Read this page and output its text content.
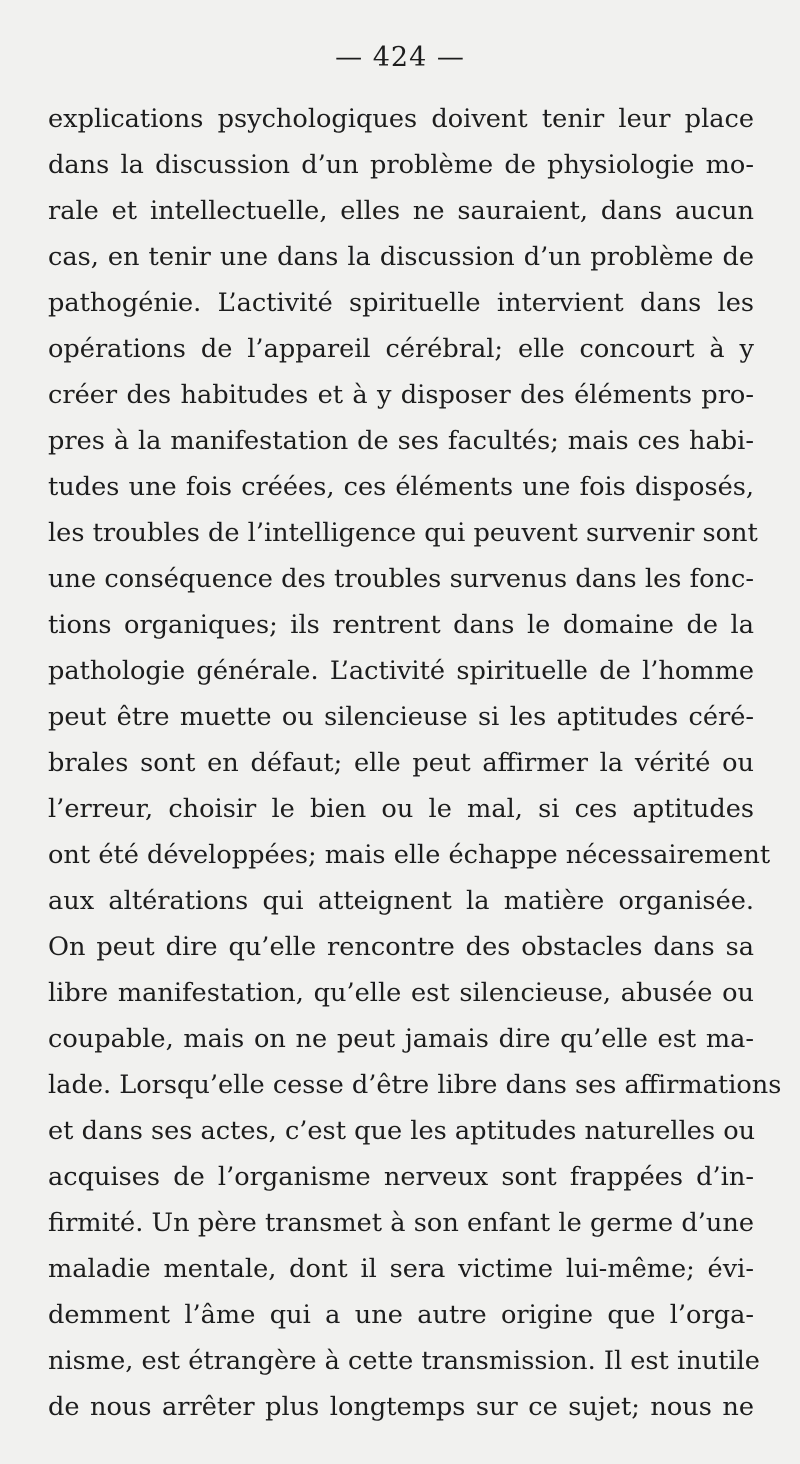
— 424 —
explications psychologiques doivent tenir leur place
dans la discussion d’un problème de physiologie mo-
rale et intellectuelle, elles ne sauraient, dans aucun
cas, en tenir une dans la discussion d’un problème de
pathogénie. L’activité spirituelle intervient dans les
opérations de l’appareil cérébral; elle concourt à y
créer des habitudes et à y disposer des éléments pro-
pres à la manifestation de ses facultés; mais ces habi-
tudes une fois créées, ces éléments une fois disposés,
les troubles de l’intelligence qui peuvent survenir sont
une conséquence des troubles survenus dans les fonc-
tions organiques; ils rentrent dans le domaine de la
pathologie générale. L’activité spirituelle de l’homme
peut être muette ou silencieuse si les aptitudes céré-
brales sont en défaut; elle peut affirmer la vérité ou
l’erreur, choisir le bien ou le mal, si ces aptitudes
ont été développées; mais elle échappe nécessairement
aux altérations qui atteignent la matière organisée.
On peut dire qu’elle rencontre des obstacles dans sa
libre manifestation, qu’elle est silencieuse, abusée ou
coupable, mais on ne peut jamais dire qu’elle est ma-
lade. Lorsqu’elle cesse d’être libre dans ses affirmations
et dans ses actes, c’est que les aptitudes naturelles ou
acquises de l’organisme nerveux sont frappées d’in-
firmité. Un père transmet à son enfant le germe d’une
maladie mentale, dont il sera victime lui-même; évi-
demment l’âme qui a une autre origine que l’orga-
nisme, est étrangère à cette transmission. Il est inutile
de nous arrêter plus longtemps sur ce sujet; nous ne
